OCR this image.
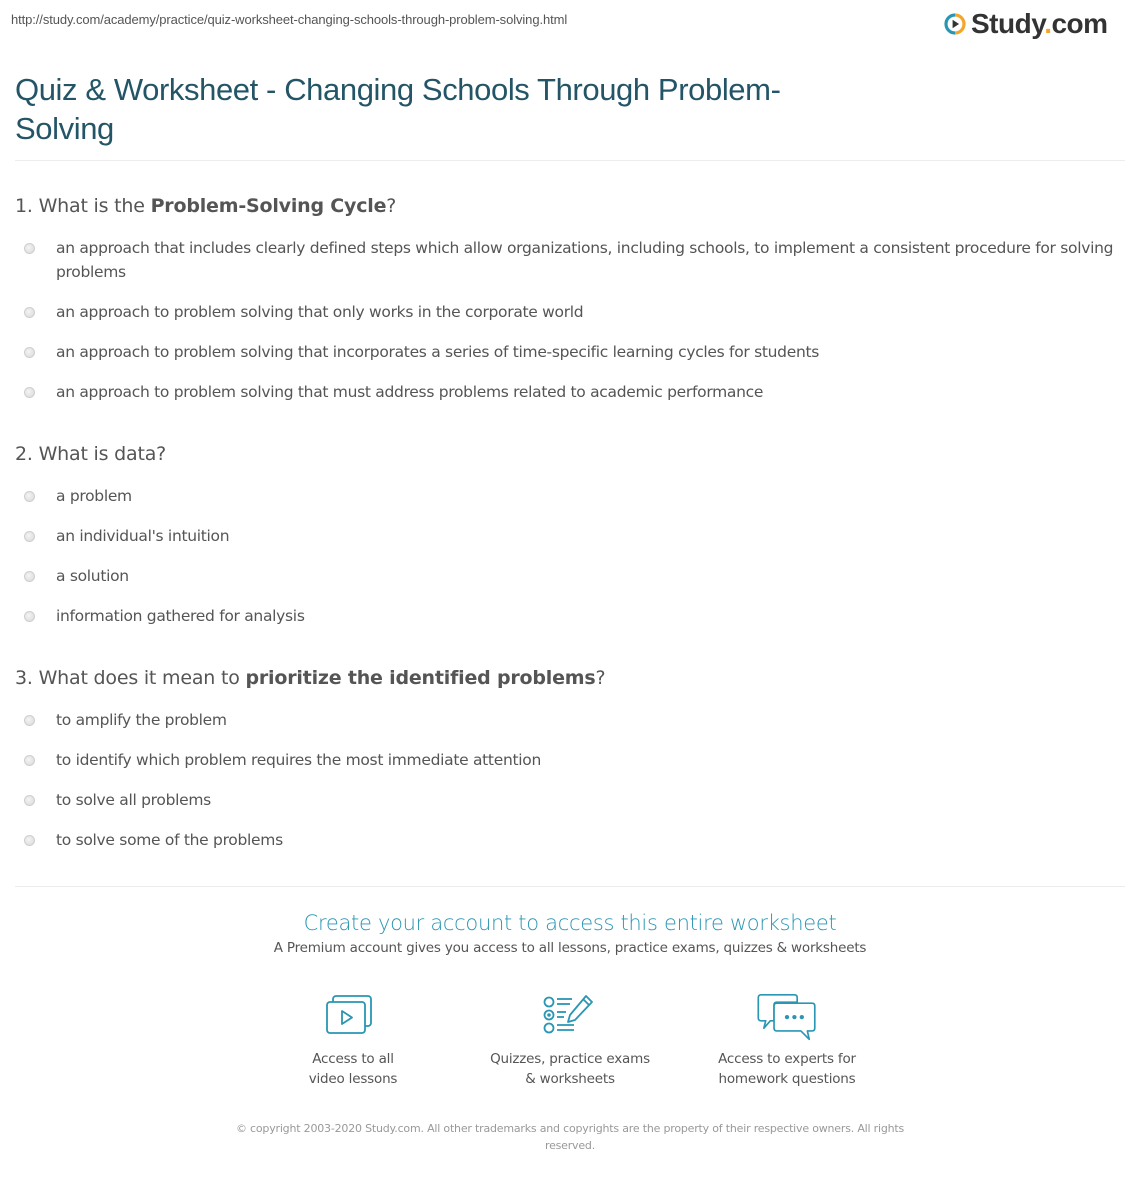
http://study.com/academy/practice/quiz-worksheet-changing-schools-through-problem-solving.html	Study.com
Quiz & Worksheet - Changing Schools Through Problem-Solving
1. What is the Problem-Solving Cycle?
an approach that includes clearly defined steps which allow organizations, including schools, to implement a consistent procedure for solving problems
an approach to problem solving that only works in the corporate world
an approach to problem solving that incorporates a series of time-specific learning cycles for students
an approach to problem solving that must address problems related to academic performance
2. What is data?
a problem
an individual's intuition
a solution
information gathered for analysis
3. What does it mean to prioritize the identified problems?
to amplify the problem
to identify which problem requires the most immediate attention
to solve all problems
to solve some of the problems
Create your account to access this entire worksheet
A Premium account gives you access to all lessons, practice exams, quizzes & worksheets
Access to all
video lessons
Quizzes, practice exams
& worksheets
Access to experts for
homework questions
© copyright 2003-2020 Study.com. All other trademarks and copyrights are the property of their respective owners. All rights reserved.
